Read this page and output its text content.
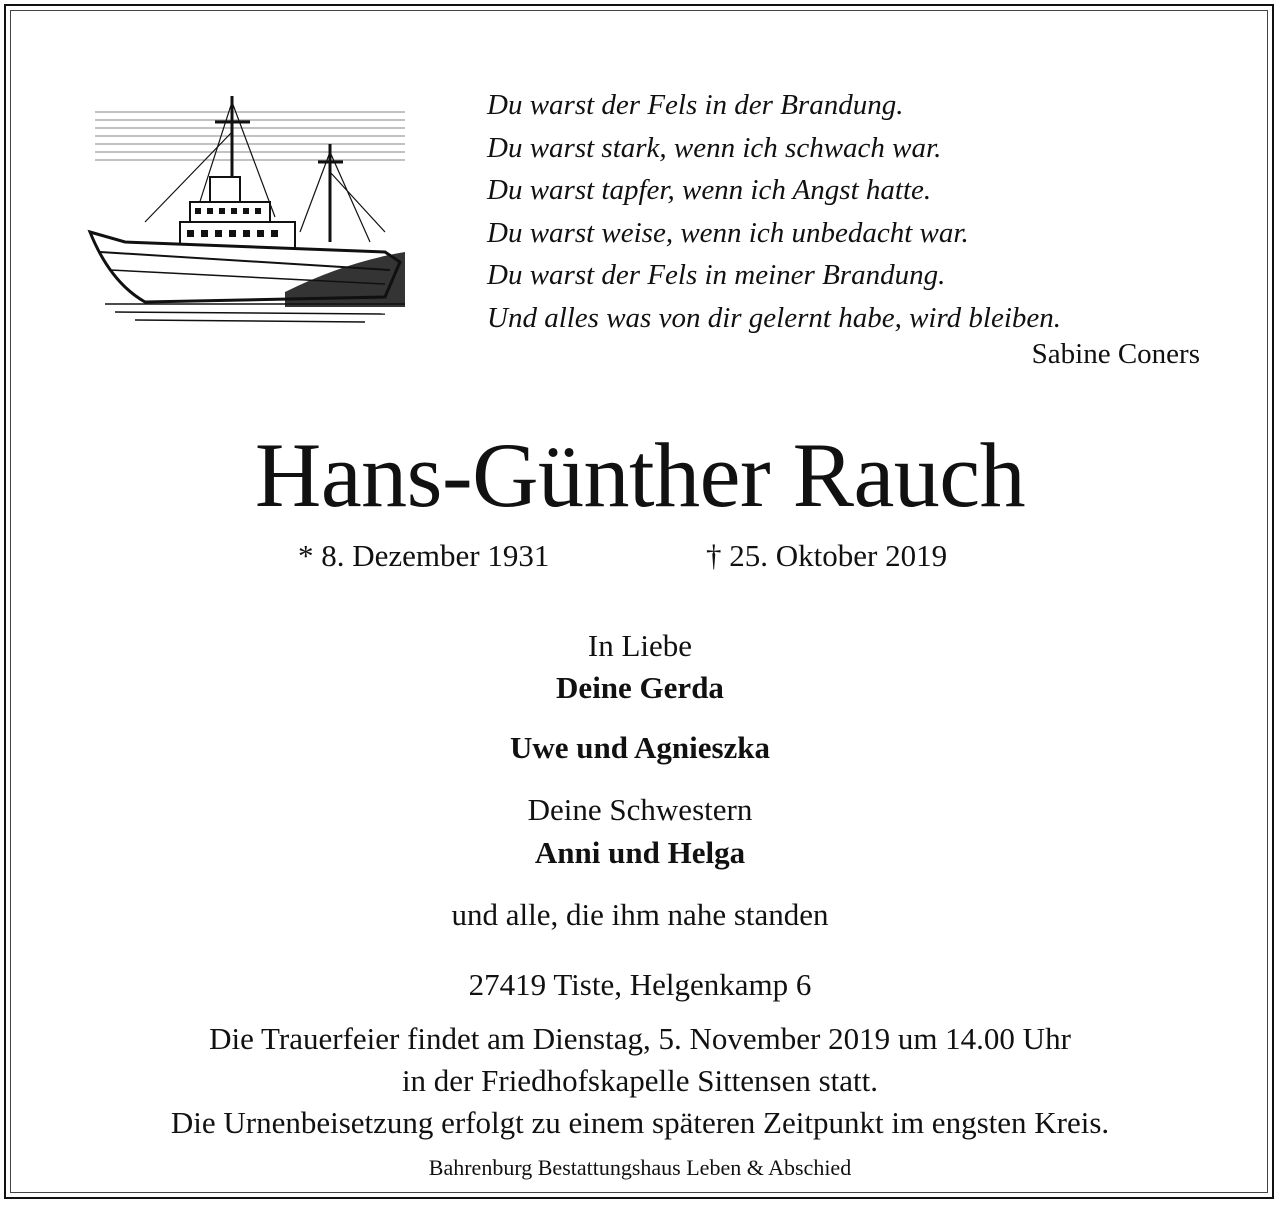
Du warst der Fels in der Brandung.
Du warst stark, wenn ich schwach war.
Du warst tapfer, wenn ich Angst hatte.
Du warst weise, wenn ich unbedacht war.
Du warst der Fels in meiner Brandung.
Und alles was von dir gelernt habe, wird bleiben.
Sabine Coners
Hans-Günther Rauch
* 8. Dezember 1931	† 25. Oktober 2019
In Liebe
Deine Gerda
Uwe und Agnieszka
Deine Schwestern
Anni und Helga
und alle, die ihm nahe standen
27419 Tiste, Helgenkamp 6
Die Trauerfeier findet am Dienstag, 5. November 2019 um 14.00 Uhr
in der Friedhofskapelle Sittensen statt.
Die Urnenbeisetzung erfolgt zu einem späteren Zeitpunkt im engsten Kreis.
Bahrenburg Bestattungshaus Leben & Abschied
